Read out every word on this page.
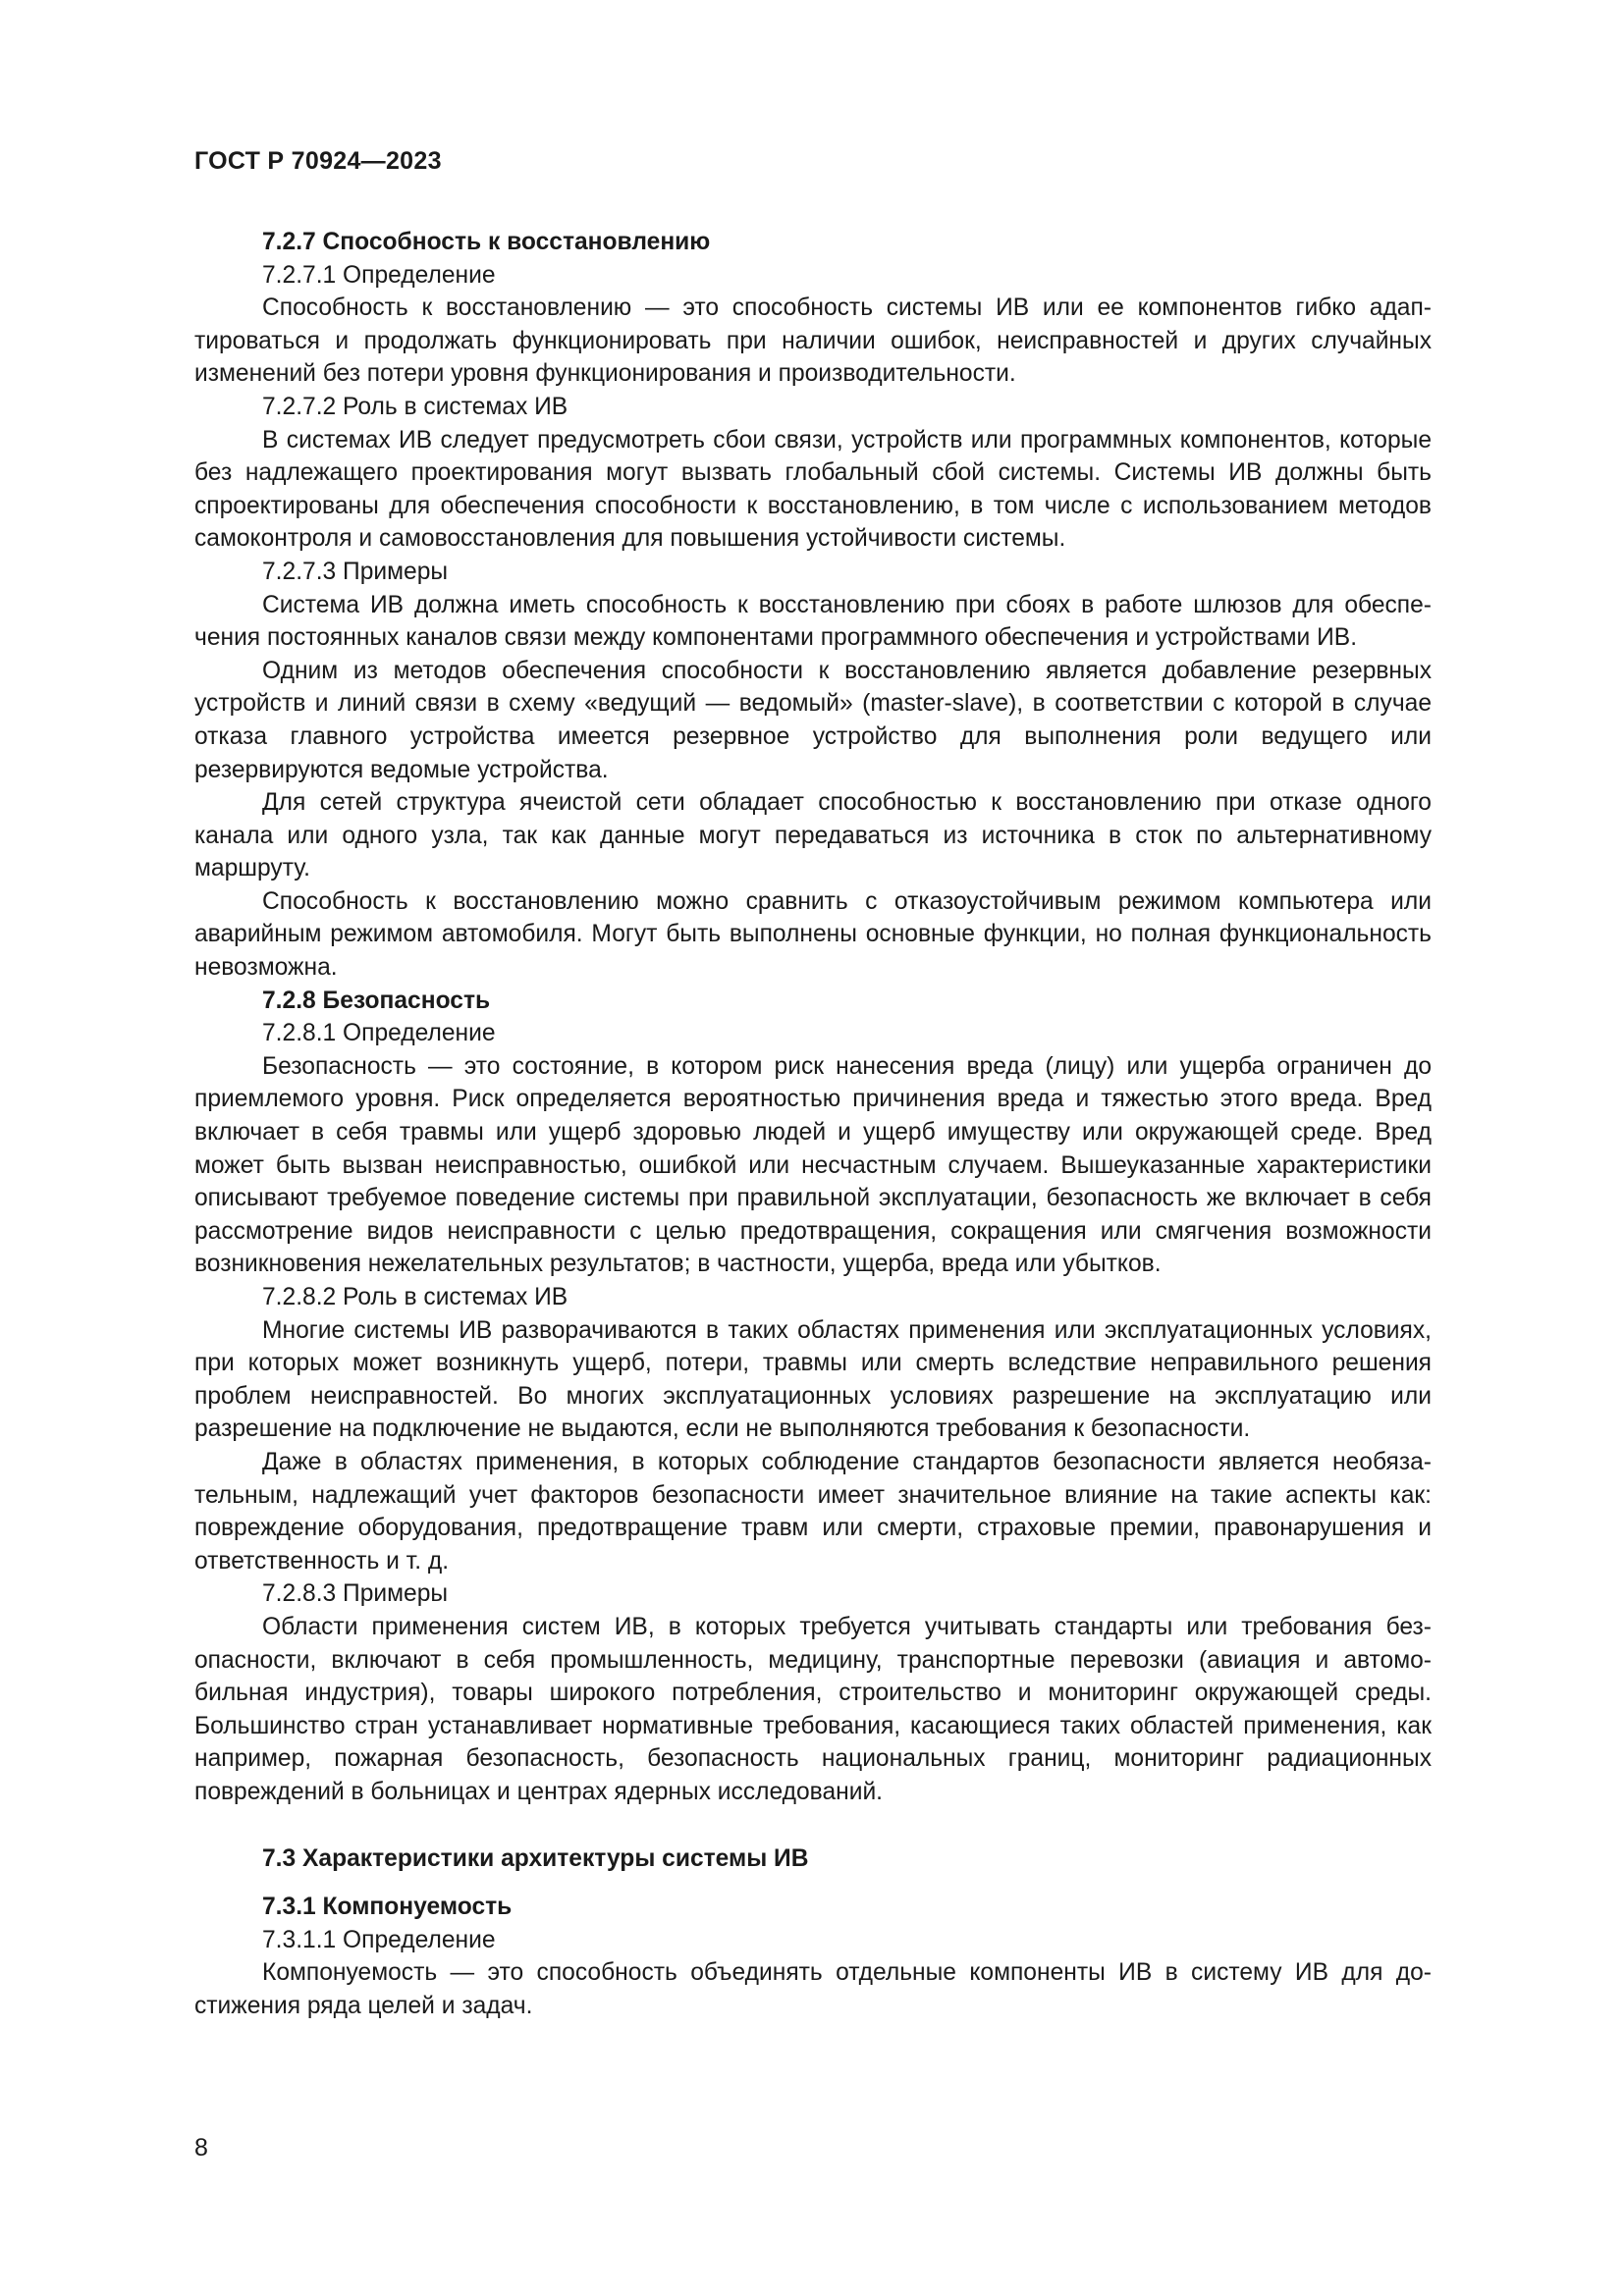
ГОСТ Р 70924—2023
7.2.7 Способность к восстановлению
7.2.7.1 Определение

Способность к восстановлению — это способность системы ИВ или ее компонентов гибко адаптироваться и продолжать функционировать при наличии ошибок, неисправностей и других случайных изменений без потери уровня функционирования и производительности.

7.2.7.2 Роль в системах ИВ

В системах ИВ следует предусмотреть сбои связи, устройств или программных компонентов, которые без надлежащего проектирования могут вызвать глобальный сбой системы. Системы ИВ должны быть спроектированы для обеспечения способности к восстановлению, в том числе с использованием методов самоконтроля и самовосстановления для повышения устойчивости системы.

7.2.7.3 Примеры

Система ИВ должна иметь способность к восстановлению при сбоях в работе шлюзов для обеспечения постоянных каналов связи между компонентами программного обеспечения и устройствами ИВ.

Одним из методов обеспечения способности к восстановлению является добавление резервных устройств и линий связи в схему «ведущий — ведомый» (master-slave), в соответствии с которой в случае отказа главного устройства имеется резервное устройство для выполнения роли ведущего или резервируются ведомые устройства.

Для сетей структура ячеистой сети обладает способностью к восстановлению при отказе одного канала или одного узла, так как данные могут передаваться из источника в сток по альтернативному маршруту.

Способность к восстановлению можно сравнить с отказоустойчивым режимом компьютера или аварийным режимом автомобиля. Могут быть выполнены основные функции, но полная функциональность невозможна.

7.2.8 Безопасность
7.2.8.1 Определение

Безопасность — это состояние, в котором риск нанесения вреда (лицу) или ущерба ограничен до приемлемого уровня. Риск определяется вероятностью причинения вреда и тяжестью этого вреда. Вред включает в себя травмы или ущерб здоровью людей и ущерб имуществу или окружающей среде. Вред может быть вызван неисправностью, ошибкой или несчастным случаем. Вышеуказанные характеристики описывают требуемое поведение системы при правильной эксплуатации, безопасность же включает в себя рассмотрение видов неисправности с целью предотвращения, сокращения или смягчения возможности возникновения нежелательных результатов; в частности, ущерба, вреда или убытков.

7.2.8.2 Роль в системах ИВ

Многие системы ИВ разворачиваются в таких областях применения или эксплуатационных условиях, при которых может возникнуть ущерб, потери, травмы или смерть вследствие неправильного решения проблем неисправностей. Во многих эксплуатационных условиях разрешение на эксплуатацию или разрешение на подключение не выдаются, если не выполняются требования к безопасности.

Даже в областях применения, в которых соблюдение стандартов безопасности является необязательным, надлежащий учет факторов безопасности имеет значительное влияние на такие аспекты как: повреждение оборудования, предотвращение травм или смерти, страховые премии, правонарушения и ответственность и т. д.

7.2.8.3 Примеры

Области применения систем ИВ, в которых требуется учитывать стандарты или требования безопасности, включают в себя промышленность, медицину, транспортные перевозки (авиация и автомобильная индустрия), товары широкого потребления, строительство и мониторинг окружающей среды. Большинство стран устанавливает нормативные требования, касающиеся таких областей применения, как например, пожарная безопасность, безопасность национальных границ, мониторинг радиационных повреждений в больницах и центрах ядерных исследований.

7.3 Характеристики архитектуры системы ИВ
7.3.1 Компонуемость
7.3.1.1 Определение

Компонуемость — это способность объединять отдельные компоненты ИВ в систему ИВ для достижения ряда целей и задач.

8
